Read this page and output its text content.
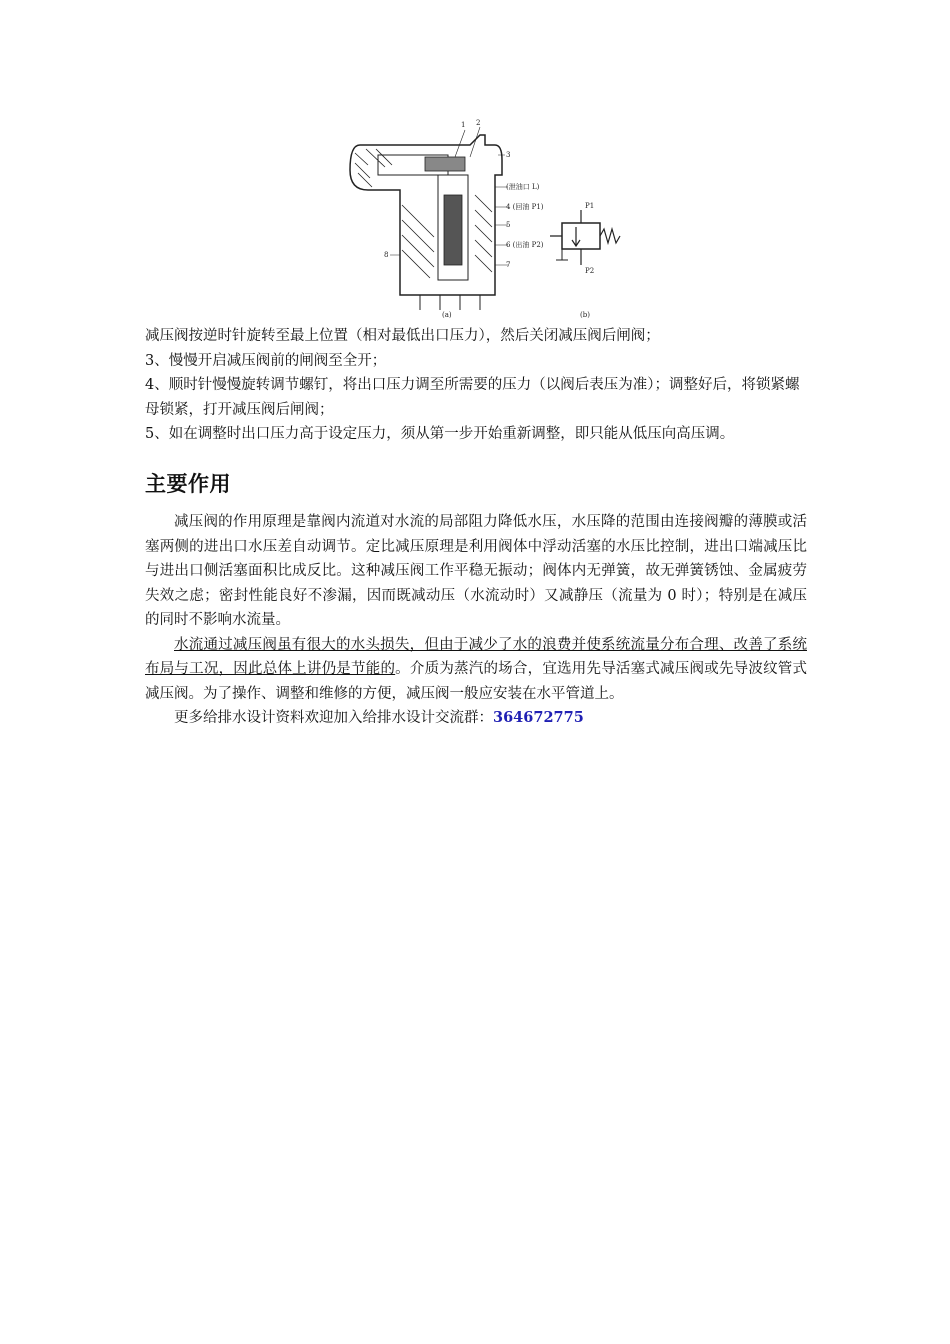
1 2
3
(泄油口 L)
4 (回油 P1)
5
6 (出油 P2)
7
8
P1
P2
(a)	(b)

减压阀按逆时针旋转至最上位置（相对最低出口压力），然后关闭减压阀后闸阀；

3、慢慢开启减压阀前的闸阀至全开；

4、顺时针慢慢旋转调节螺钉，将出口压力调至所需要的压力（以阀后表压为准）；调整好后，将锁紧螺母锁紧，打开减压阀后闸阀；

5、如在调整时出口压力高于设定压力，须从第一步开始重新调整，即只能从低压向高压调。

主要作用

减压阀的作用原理是靠阀内流道对水流的局部阻力降低水压，水压降的范围由连接阀瓣的薄膜或活塞两侧的进出口水压差自动调节。定比减压原理是利用阀体中浮动活塞的水压比控制，进出口端减压比与进出口侧活塞面积比成反比。这种减压阀工作平稳无振动；阀体内无弹簧，故无弹簧锈蚀、金属疲劳失效之虑；密封性能良好不渗漏，因而既减动压（水流动时）又减静压（流量为 0 时）；特别是在减压的同时不影响水流量。

水流通过减压阀虽有很大的水头损失，但由于减少了水的浪费并使系统流量分布合理、改善了系统布局与工况，因此总体上讲仍是节能的。介质为蒸汽的场合，宜选用先导活塞式减压阀或先导波纹管式减压阀。为了操作、调整和维修的方便，减压阀一般应安装在水平管道上。

更多给排水设计资料欢迎加入给排水设计交流群：364672775
